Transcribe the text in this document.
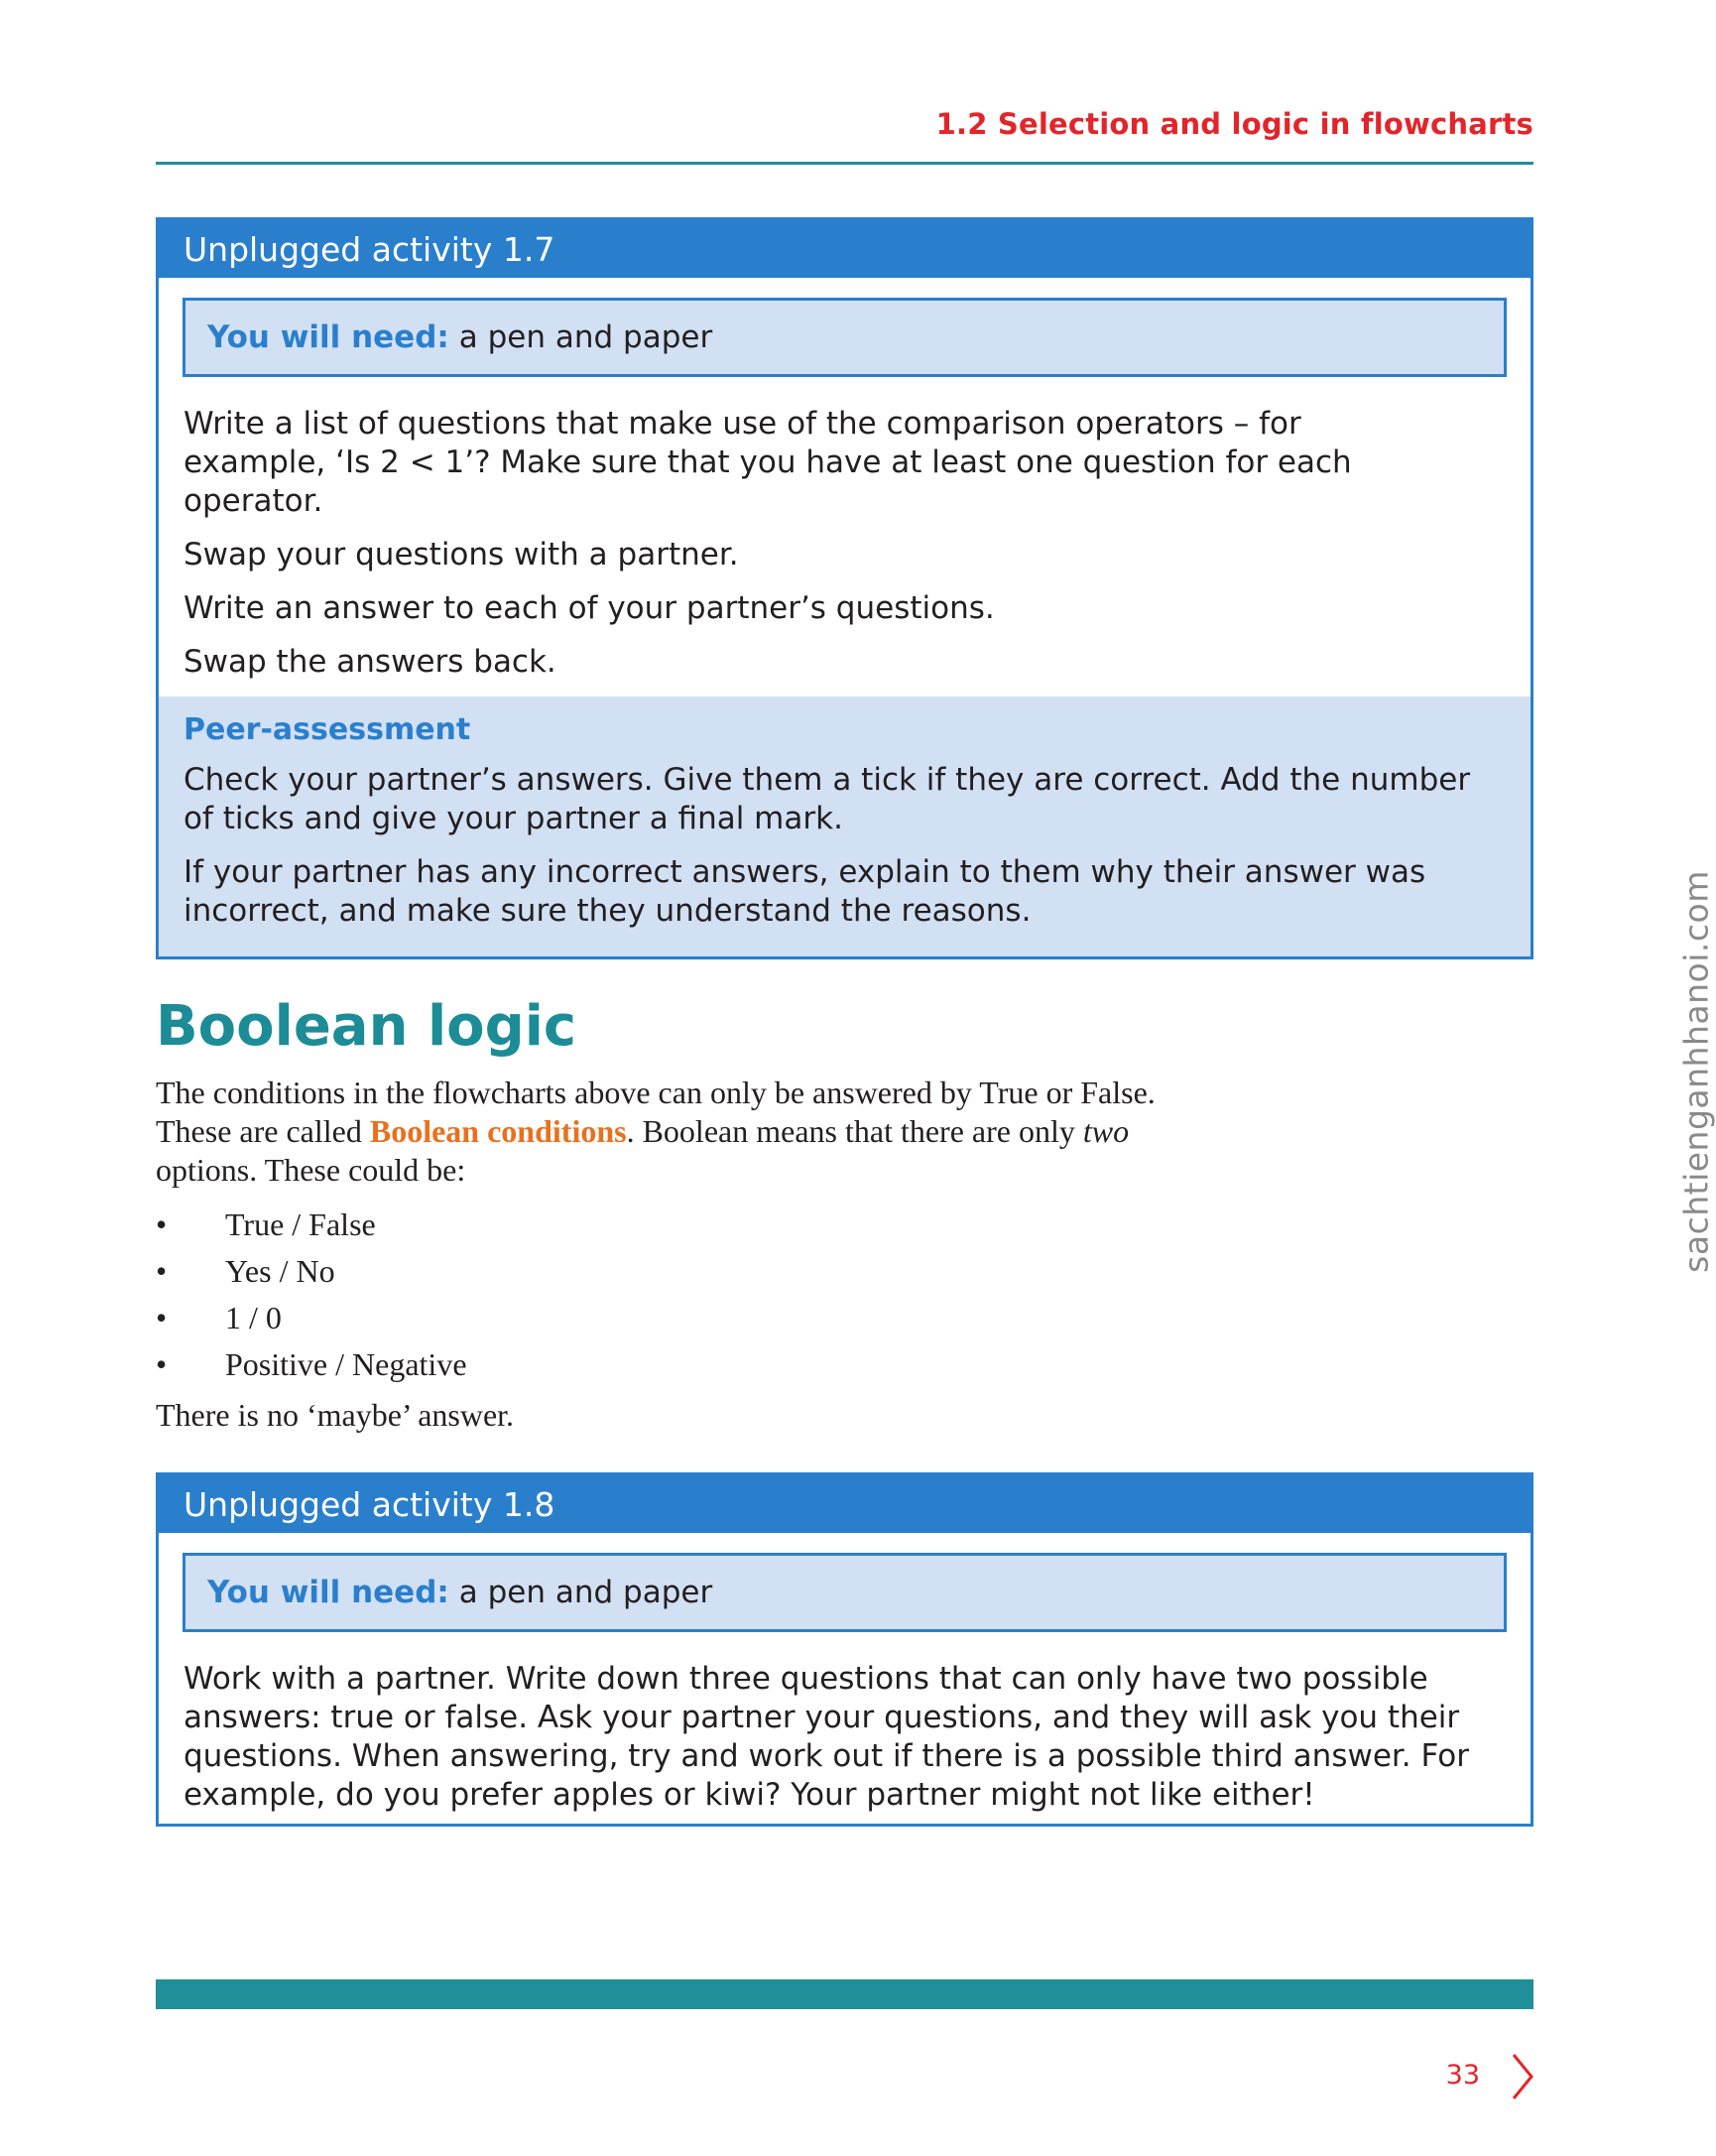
1.2 Selection and logic in flowcharts
Unplugged activity 1.7
You will need: a pen and paper

Write a list of questions that make use of the comparison operators – for example, ‘Is 2 < 1’? Make sure that you have at least one question for each operator.

Swap your questions with a partner.

Write an answer to each of your partner’s questions.

Swap the answers back.

Peer-assessment

Check your partner’s answers. Give them a tick if they are correct. Add the number of ticks and give your partner a final mark.

If your partner has any incorrect answers, explain to them why their answer was incorrect, and make sure they understand the reasons.

Boolean logic

The conditions in the flowcharts above can only be answered by True or False. These are called Boolean conditions. Boolean means that there are only two options. These could be:

• True / False
• Yes / No
• 1 / 0
• Positive / Negative

There is no ‘maybe’ answer.

Unplugged activity 1.8
You will need: a pen and paper

Work with a partner. Write down three questions that can only have two possible answers: true or false. Ask your partner your questions, and they will ask you their questions. When answering, try and work out if there is a possible third answer. For example, do you prefer apples or kiwi? Your partner might not like either!

33
sachtienganhhanoi.com
